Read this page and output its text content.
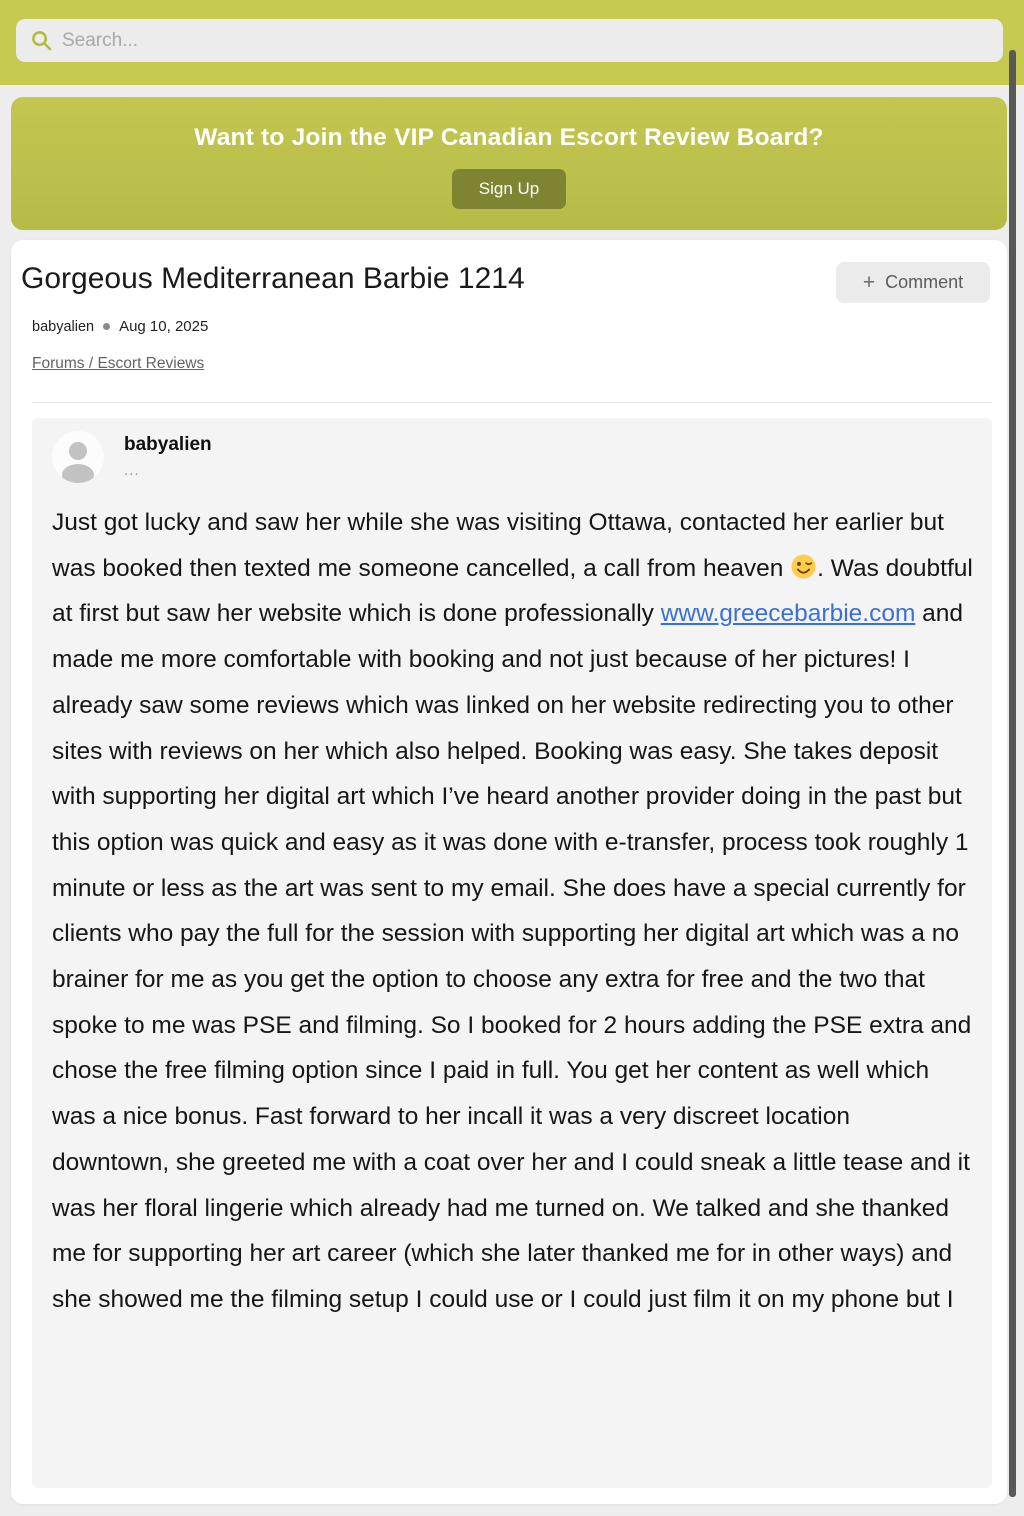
Search...
Want to Join the VIP Canadian Escort Review Board?
Sign Up
Gorgeous Mediterranean Barbie 1214	+ Comment
babyalien Aug 10, 2025
Forums / Escort Reviews
babyalien
...
Just got lucky and saw her while she was visiting Ottawa, contacted her earlier but was booked then texted me someone cancelled, a call from heaven . Was doubtful at first but saw her website which is done professionally www.greecebarbie.com and made me more comfortable with booking and not just because of her pictures! I already saw some reviews which was linked on her website redirecting you to other sites with reviews on her which also helped. Booking was easy. She takes deposit with supporting her digital art which I’ve heard another provider doing in the past but this option was quick and easy as it was done with e-transfer, process took roughly 1 minute or less as the art was sent to my email. She does have a special currently for clients who pay the full for the session with supporting her digital art which was a no brainer for me as you get the option to choose any extra for free and the two that spoke to me was PSE and filming. So I booked for 2 hours adding the PSE extra and chose the free filming option since I paid in full. You get her content as well which was a nice bonus. Fast forward to her incall it was a very discreet location downtown, she greeted me with a coat over her and I could sneak a little tease and it was her floral lingerie which already had me turned on. We talked and she thanked me for supporting her art career (which she later thanked me for in other ways) and she showed me the filming setup I could use or I could just film it on my phone but I
